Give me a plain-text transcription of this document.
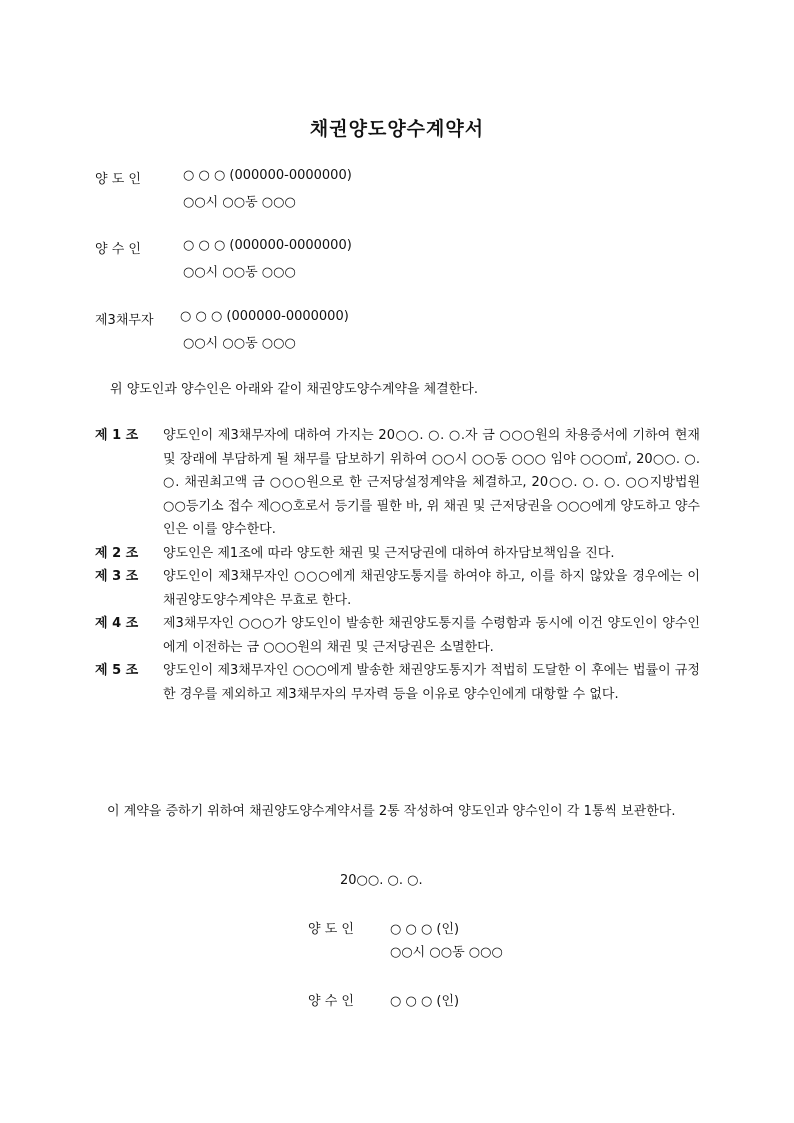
채권양도양수계약서
양 도 인	○ ○ ○ (000000-0000000)
○○시 ○○동 ○○○
양 수 인	○ ○ ○ (000000-0000000)
○○시 ○○동 ○○○
제3채무자 ○ ○ ○ (000000-0000000)
○○시 ○○동 ○○○
위 양도인과 양수인은 아래와 같이 채권양도양수계약을 체결한다.
제 1 조 양도인이 제3채무자에 대하여 가지는 20○○. ○. ○.자 금 ○○○원의 차용증서에 기하여 현재 및 장래에 부담하게 될 채무를 담보하기 위하여 ○○시 ○○동 ○○○ 임야 ○○○㎡, 20○○. ○. ○. 채권최고액 금 ○○○원으로 한 근저당설정계약을 체결하고, 20○○. ○. ○. ○○지방법원 ○○등기소 접수 제○○호로서 등기를 필한 바, 위 채권 및 근저당권을 ○○○에게 양도하고 양수인은 이를 양수한다.
제 2 조 양도인은 제1조에 따라 양도한 채권 및 근저당권에 대하여 하자담보책임을 진다.
제 3 조 양도인이 제3채무자인 ○○○에게 채권양도통지를 하여야 하고, 이를 하지 않았을 경우에는 이 채권양도양수계약은 무효로 한다.
제 4 조 제3채무자인 ○○○가 양도인이 발송한 채권양도통지를 수령함과 동시에 이건 양도인이 양수인에게 이전하는 금 ○○○원의 채권 및 근저당권은 소멸한다.
제 5 조 양도인이 제3채무자인 ○○○에게 발송한 채권양도통지가 적법히 도달한 이 후에는 법률이 규정한 경우를 제외하고 제3채무자의 무자력 등을 이유로 양수인에게 대항할 수 없다.
이 계약을 증하기 위하여 채권양도양수계약서를 2통 작성하여 양도인과 양수인이 각 1통씩 보관한다.
20○○. ○. ○.
양 도 인	○ ○ ○ (인)
○○시 ○○동 ○○○
양 수 인	○ ○ ○ (인)
